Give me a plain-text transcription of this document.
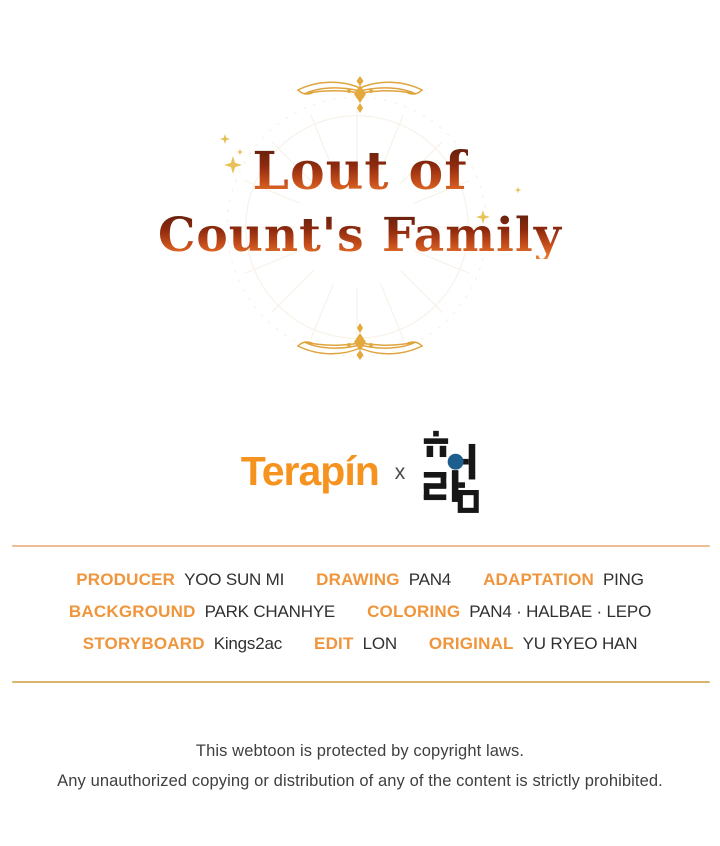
Lout of
Count's Family
Terapín x
PRODUCER YOO SUN MI DRAWING PAN4 ADAPTATION PING
BACKGROUND PARK CHANHYE COLORING PAN4 · HALBAE · LEPO
STORYBOARD Kings2ac EDIT LON ORIGINAL YU RYEO HAN
This webtoon is protected by copyright laws.
Any unauthorized copying or distribution of any of the content is strictly prohibited.
